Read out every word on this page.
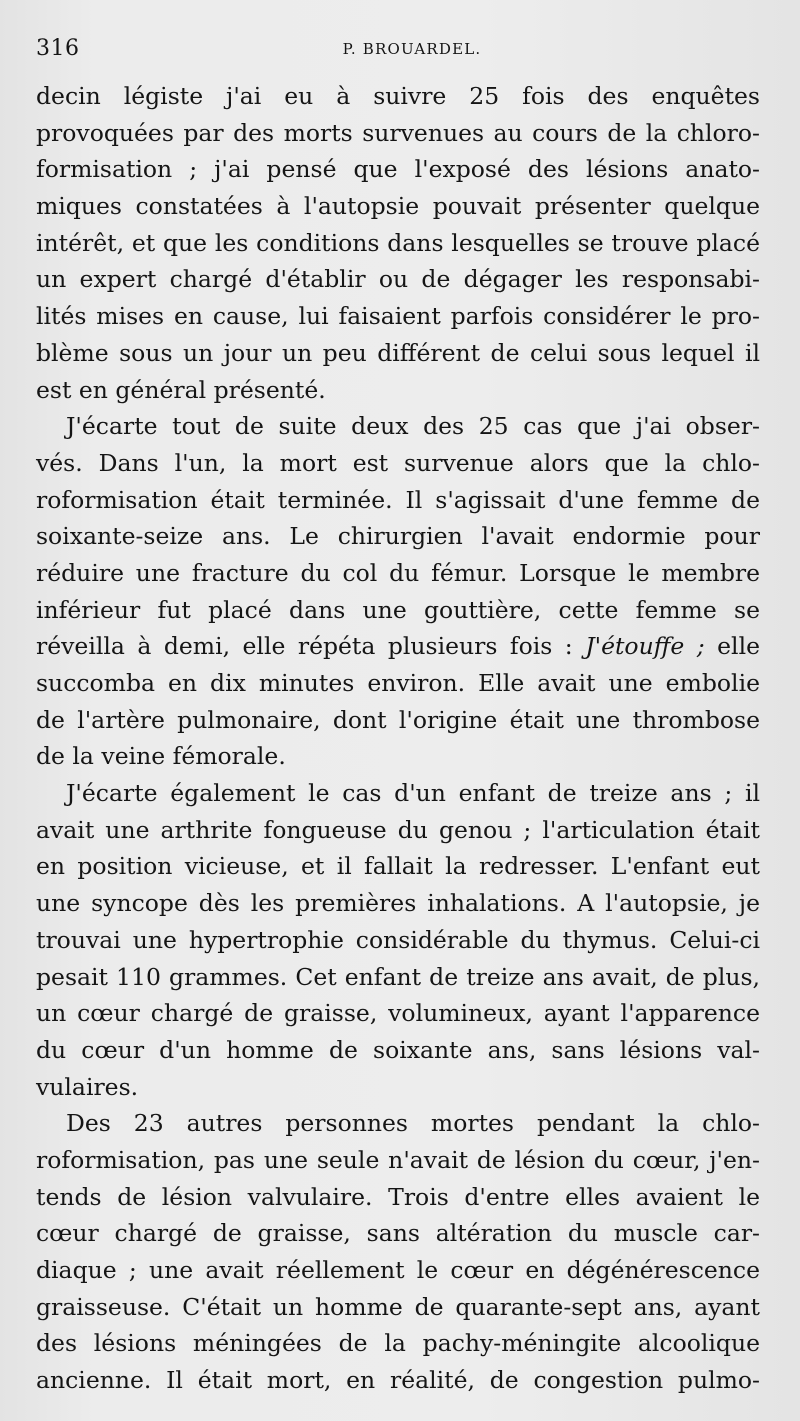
316	P. BROUARDEL.
decin légiste j'ai eu à suivre 25 fois des enquêtes
provoquées par des morts survenues au cours de la chloro-
formisation ; j'ai pensé que l'exposé des lésions anato-
miques constatées à l'autopsie pouvait présenter quelque
intérêt, et que les conditions dans lesquelles se trouve placé
un expert chargé d'établir ou de dégager les responsabi-
lités mises en cause, lui faisaient parfois considérer le pro-
blème sous un jour un peu différent de celui sous lequel il
est en général présenté.
J'écarte tout de suite deux des 25 cas que j'ai obser-
vés. Dans l'un, la mort est survenue alors que la chlo-
roformisation était terminée. Il s'agissait d'une femme de
soixante-seize ans. Le chirurgien l'avait endormie pour
réduire une fracture du col du fémur. Lorsque le membre
inférieur fut placé dans une gouttière, cette femme se
réveilla à demi, elle répéta plusieurs fois : J'étouffe ; elle
succomba en dix minutes environ. Elle avait une embolie
de l'artère pulmonaire, dont l'origine était une thrombose
de la veine fémorale.
J'écarte également le cas d'un enfant de treize ans ; il
avait une arthrite fongueuse du genou ; l'articulation était
en position vicieuse, et il fallait la redresser. L'enfant eut
une syncope dès les premières inhalations. A l'autopsie, je
trouvai une hypertrophie considérable du thymus. Celui-ci
pesait 110 grammes. Cet enfant de treize ans avait, de plus,
un cœur chargé de graisse, volumineux, ayant l'apparence
du cœur d'un homme de soixante ans, sans lésions val-
vulaires.
Des 23 autres personnes mortes pendant la chlo-
roformisation, pas une seule n'avait de lésion du cœur, j'en-
tends de lésion valvulaire. Trois d'entre elles avaient le
cœur chargé de graisse, sans altération du muscle car-
diaque ; une avait réellement le cœur en dégénérescence
graisseuse. C'était un homme de quarante-sept ans, ayant
des lésions méningées de la pachy-méningite alcoolique
ancienne. Il était mort, en réalité, de congestion pulmo-
